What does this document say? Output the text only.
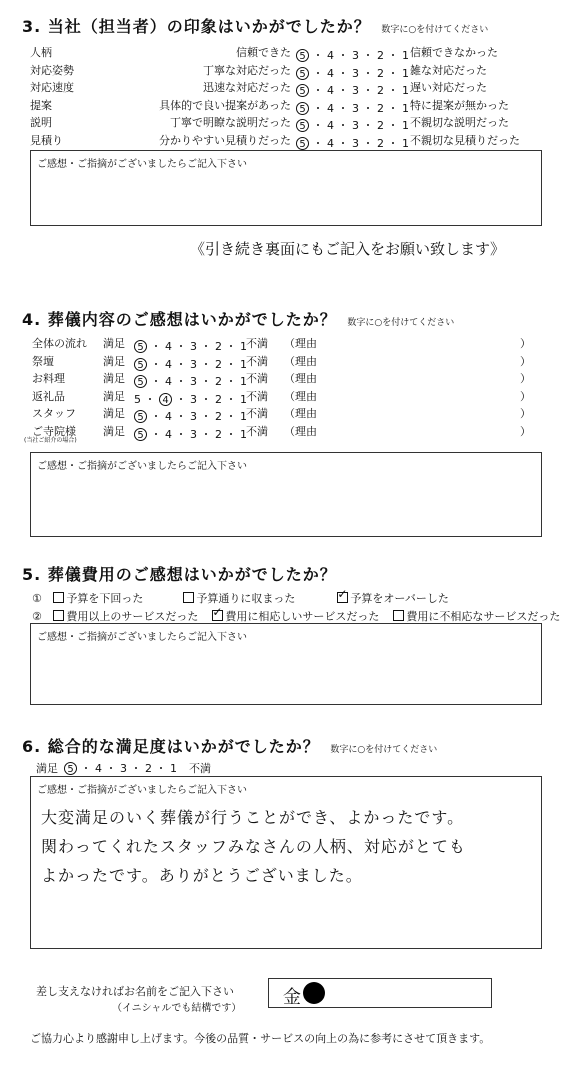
3. 当社（担当者）の印象はいかがでしたか？ 数字に○を付けてください
人柄	信頼できた 5 ・ 4 ・ 3 ・ 2 ・ 1 信頼できなかった
対応姿勢	丁寧な対応だった 5 ・ 4 ・ 3 ・ 2 ・ 1 雑な対応だった
対応速度	迅速な対応だった 5 ・ 4 ・ 3 ・ 2 ・ 1 遅い対応だった
提案	具体的で良い提案があった 5 ・ 4 ・ 3 ・ 2 ・ 1 特に提案が無かった
説明	丁寧で明瞭な説明だった 5 ・ 4 ・ 3 ・ 2 ・ 1 不親切な説明だった
見積り	分かりやすい見積りだった 5 ・ 4 ・ 3 ・ 2 ・ 1 不親切な見積りだった
ご感想・ご指摘がございましたらご記入下さい
《引き続き裏面にもご記入をお願い致します》
4. 葬儀内容のご感想はいかがでしたか？ 数字に○を付けてください
全体の流れ 満足	5 ・ 4 ・ 3 ・ 2 ・ 1 不満 （理由	）
祭壇	満足	5 ・ 4 ・ 3 ・ 2 ・ 1 不満 （理由	）
お料理	満足	5 ・ 4 ・ 3 ・ 2 ・ 1 不満 （理由	）
返礼品	満足 5 ・ 4 ・ 3 ・ 2 ・ 1 不満 （理由	）
スタッフ 満足	5 ・ 4 ・ 3 ・ 2 ・ 1 不満 （理由	）
ご寺院様 満足	5 ・ 4 ・ 3 ・ 2 ・ 1 不満 （理由	）
(当社ご紹介の場合)
ご感想・ご指摘がございましたらご記入下さい
5. 葬儀費用のご感想はいかがでしたか？
① 予算を下回った	予算通りに収まった ✓	予算をオーバーした
② 費用以上のサービスだった ✓ 費用に相応しいサービスだった 費用に不相応なサービスだった
ご感想・ご指摘がございましたらご記入下さい
6. 総合的な満足度はいかがでしたか？ 数字に○を付けてください
満足 5 ・ 4 ・ 3 ・ 2 ・ 1 不満
ご感想・ご指摘がございましたらご記入下さい
大変満足のいく葬儀が行うことができ、よかったです。
関わってくれたスタッフみなさんの人柄、対応がとても
よかったです。ありがとうございました。
差し支えなければお名前をご記入下さい
（イニシャルでも結構です）
金
ご協力心より感謝申し上げます。今後の品質・サービスの向上の為に参考にさせて頂きます。
